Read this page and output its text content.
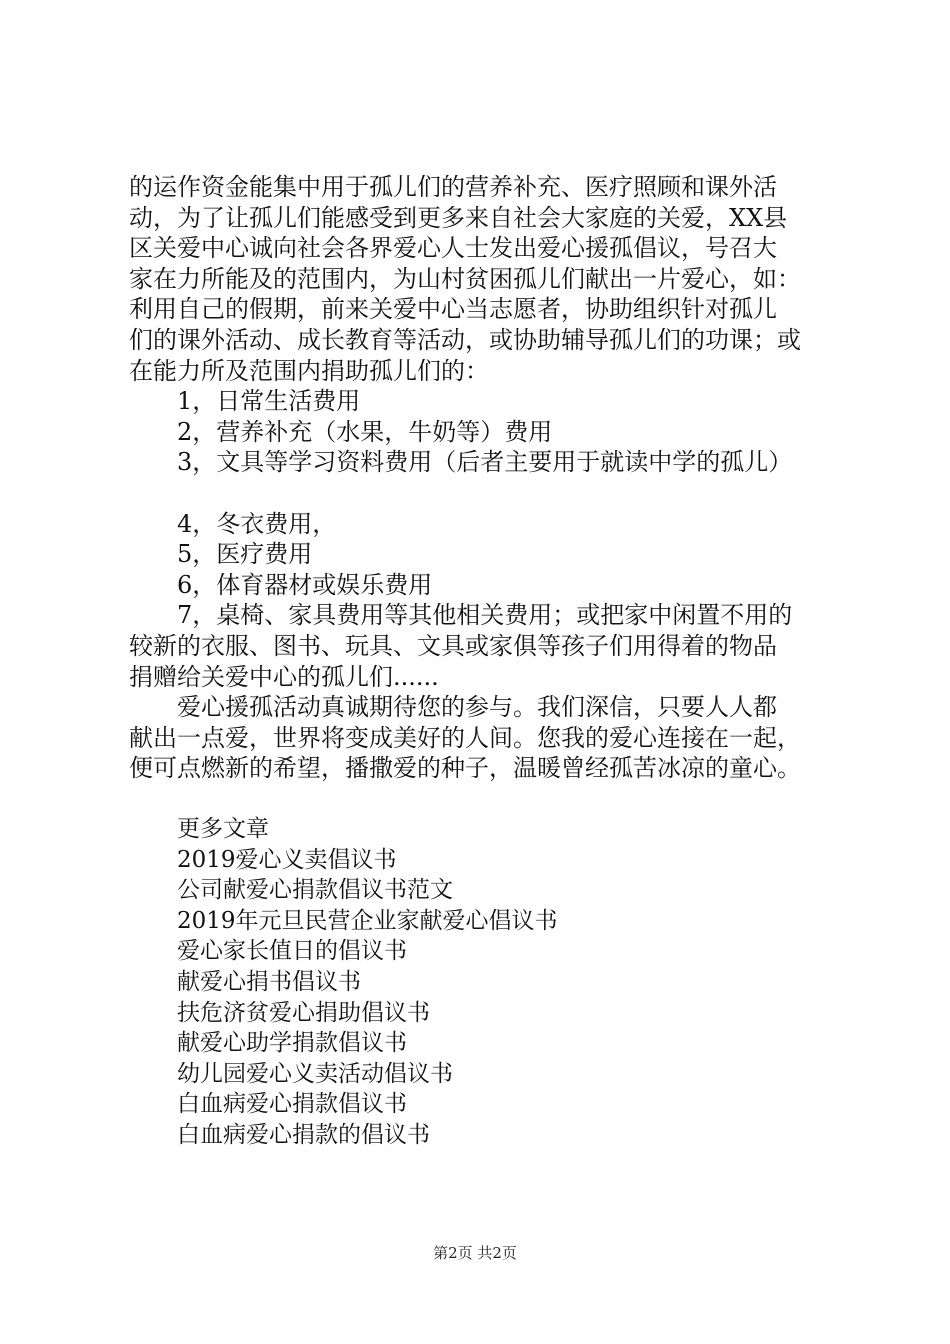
的运作资金能集中用于孤儿们的营养补充、医疗照顾和课外活
动，为了让孤儿们能感受到更多来自社会大家庭的关爱，XX县
区关爱中心诚向社会各界爱心人士发出爱心援孤倡议，号召大
家在力所能及的范围内，为山村贫困孤儿们献出一片爱心，如：
利用自己的假期，前来关爱中心当志愿者，协助组织针对孤儿
们的课外活动、成长教育等活动，或协助辅导孤儿们的功课；或
在能力所及范围内捐助孤儿们的：
1，日常生活费用
2，营养补充（水果，牛奶等）费用
3，文具等学习资料费用（后者主要用于就读中学的孤儿）
4，冬衣费用，
5，医疗费用
6，体育器材或娱乐费用
7，桌椅、家具费用等其他相关费用；或把家中闲置不用的
较新的衣服、图书、玩具、文具或家俱等孩子们用得着的物品
捐赠给关爱中心的孤儿们......
爱心援孤活动真诚期待您的参与。我们深信，只要人人都
献出一点爱，世界将变成美好的人间。您我的爱心连接在一起，
便可点燃新的希望，播撒爱的种子，温暖曾经孤苦冰凉的童心。
更多文章
2019爱心义卖倡议书
公司献爱心捐款倡议书范文
2019年元旦民营企业家献爱心倡议书
爱心家长值日的倡议书
献爱心捐书倡议书
扶危济贫爱心捐助倡议书
献爱心助学捐款倡议书
幼儿园爱心义卖活动倡议书
白血病爱心捐款倡议书
白血病爱心捐款的倡议书
第2页 共2页
